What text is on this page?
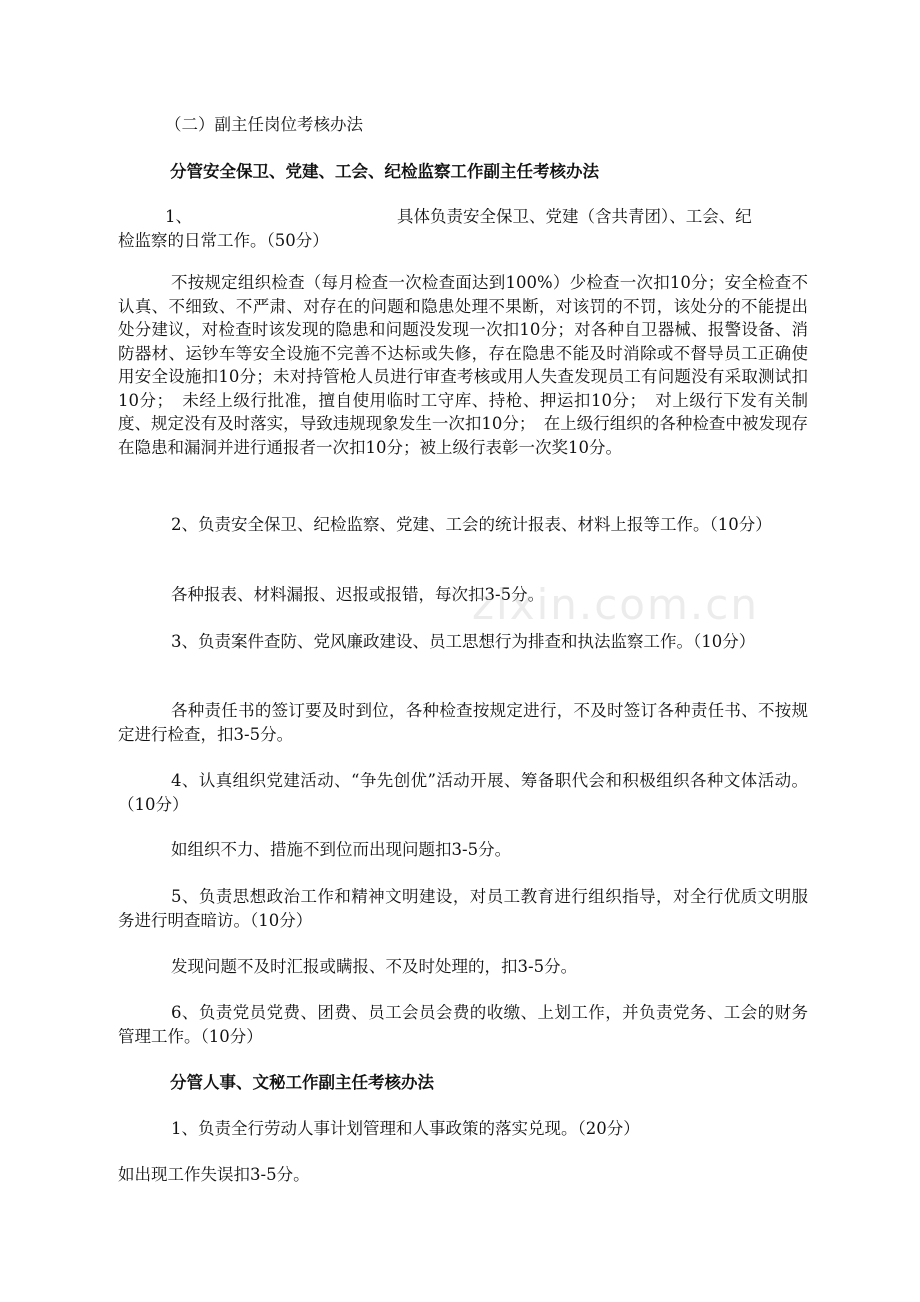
（二）副主任岗位考核办法

分管安全保卫、党建、工会、纪检监察工作副主任考核办法

1、	具体负责安全保卫、党建（含共青团）、工会、纪

检监察的日常工作。（50分）

不按规定组织检查（每月检查一次检查面达到100%）少检查一次扣10分；安全检查不认真、不细致、不严肃、对存在的问题和隐患处理不果断，对该罚的不罚，该处分的不能提出处分建议，对检查时该发现的隐患和问题没发现一次扣10分；对各种自卫器械、报警设备、消防器材、运钞车等安全设施不完善不达标或失修，存在隐患不能及时消除或不督导员工正确使用安全设施扣10分；未对持管枪人员进行审查考核或用人失查发现员工有问题没有采取测试扣10分；　未经上级行批准，擅自使用临时工守库、持枪、押运扣10分；　对上级行下发有关制度、规定没有及时落实，导致违规现象发生一次扣10分；　在上级行组织的各种检查中被发现存在隐患和漏洞并进行通报者一次扣10分；被上级行表彰一次奖10分。

2、负责安全保卫、纪检监察、党建、工会的统计报表、材料上报等工作。（10分）

各种报表、材料漏报、迟报或报错，每次扣3-5分。

3、负责案件查防、党风廉政建设、员工思想行为排查和执法监察工作。（10分）

各种责任书的签订要及时到位，各种检查按规定进行，不及时签订各种责任书、不按规定进行检查，扣3-5分。

4、认真组织党建活动、“争先创优”活动开展、筹备职代会和积极组织各种文体活动。（10分）

如组织不力、措施不到位而出现问题扣3-5分。

5、负责思想政治工作和精神文明建设，对员工教育进行组织指导，对全行优质文明服务进行明查暗访。（10分）

发现问题不及时汇报或瞒报、不及时处理的，扣3-5分。

6、负责党员党费、团费、员工会员会费的收缴、上划工作，并负责党务、工会的财务管理工作。（10分）

分管人事、文秘工作副主任考核办法

1、负责全行劳动人事计划管理和人事政策的落实兑现。（20分）

如出现工作失误扣3-5分。

zixin.com.cn
